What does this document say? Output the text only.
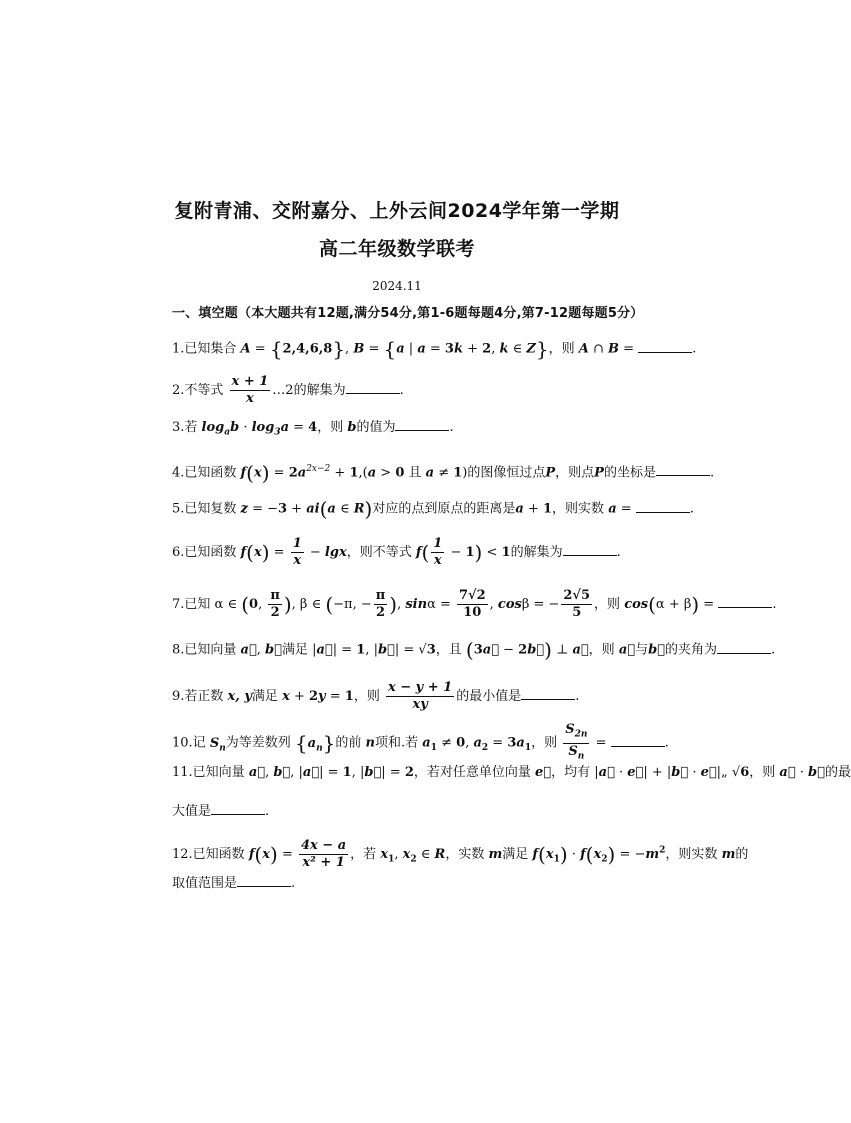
复附青浦、交附嘉分、上外云间2024学年第一学期
高二年级数学联考
2024.11
一、填空题（本大题共有12题,满分54分,第1-6题每题4分,第7-12题每题5分）
1.已知集合 A = {2,4,6,8}, B = {a | a = 3k + 2, k ∈ Z}，则 A ∩ B =	.
2.不等式 $\frac{x + 1}{x}$ …2的解集为	.
3.若 $\log_ab \cdot \log_3a = 4$，则 b的值为	.
4.已知函数 $f(x) = 2a^{2x-2} + 1,(a > 0$ 且 a ≠ 1)的图像恒过点P，则点P的坐标是	.
5.已知复数 z = −3 + ai(a ∈ R)对应的点到原点的距离是a + 1，则实数 a =	.
6.已知函数 $f(x) = \frac{1}{x} - \lg x$，则不等式 $f( \frac{1}{x} - 1) < 1$的解集为	.
7.已知 α ∈ (0, $\frac{\pi}{2}$ ), β ∈ (−π, − $\frac{\pi}{2}$ ), $\sin\alpha = \frac{7√2}{10}$ , cosβ = − $\frac{2√5}{5}$ ，则 cos(α + β) =	.
8.已知向量 a⃗, b⃗满足 |a⃗| = 1, |b⃗| = √3，且 (3a⃗ − 2b⃗) ⊥ a⃗，则 a⃗与b⃗的夹角为	.
9.若正数 x, y满足 x + 2y = 1，则 $\frac{x - y + 1}{xy}$ 的最小值是	.
10.记 $S_n$为等差数列 $\{a_n\}$的前 n项和.若 $a_1 \ne 0$, $a_2 = 3a_1$，则 $\frac{S_{2n}}{S_n}$ =	.
11.已知向量 a⃗, b⃗, |a⃗| = 1, |b⃗| = 2，若对任意单位向量 e⃗，均有 |a⃗ · e⃗| + |b⃗ · e⃗|„ √6，则 a⃗ · b⃗的最
大值是	.
12.已知函数 $f(x) = \frac{4x - a}{\text{x² + 1}}$ ，若 $x_1$, $x_2$ ∈ R，实数 m满足 $f(x_1) \cdot f(x_2) = -m^2$，则实数 m的
取值范围是	.
